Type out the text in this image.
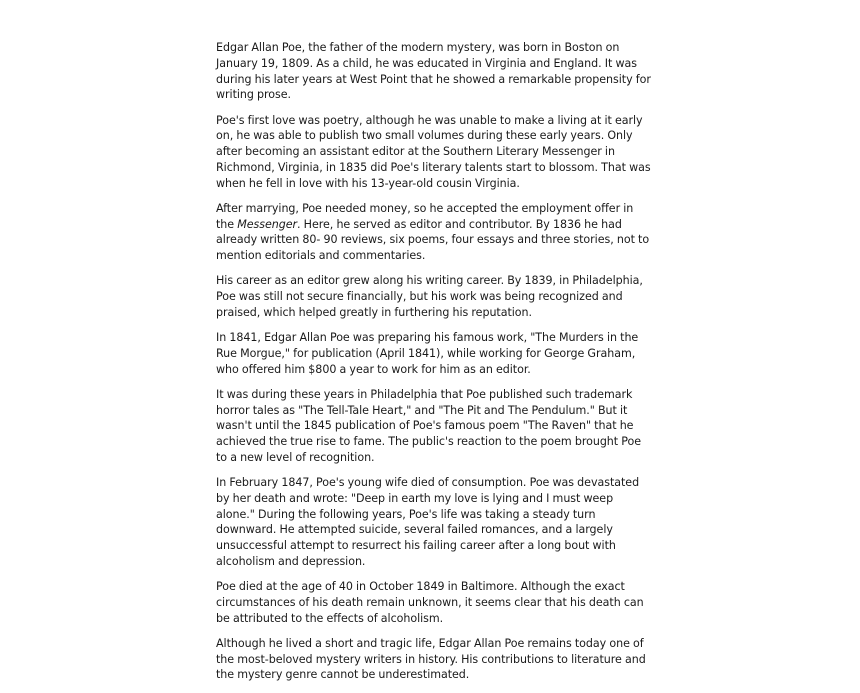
Edgar Allan Poe, the father of the modern mystery, was born in Boston on January 19, 1809. As a child, he was educated in Virginia and England. It was during his later years at West Point that he showed a remarkable propensity for writing prose.

Poe's first love was poetry, although he was unable to make a living at it early on, he was able to publish two small volumes during these early years. Only after becoming an assistant editor at the Southern Literary Messenger in Richmond, Virginia, in 1835 did Poe's literary talents start to blossom. That was when he fell in love with his 13-year-old cousin Virginia.

After marrying, Poe needed money, so he accepted the employment offer in the Messenger. Here, he served as editor and contributor. By 1836 he had already written 80- 90 reviews, six poems, four essays and three stories, not to mention editorials and commentaries.

His career as an editor grew along his writing career. By 1839, in Philadelphia, Poe was still not secure financially, but his work was being recognized and praised, which helped greatly in furthering his reputation.

In 1841, Edgar Allan Poe was preparing his famous work, "The Murders in the Rue Morgue," for publication (April 1841), while working for George Graham, who offered him $800 a year to work for him as an editor.

It was during these years in Philadelphia that Poe published such trademark horror tales as "The Tell-Tale Heart," and "The Pit and The Pendulum." But it wasn't until the 1845 publication of Poe's famous poem "The Raven" that he achieved the true rise to fame. The public's reaction to the poem brought Poe to a new level of recognition.

In February 1847, Poe's young wife died of consumption. Poe was devastated by her death and wrote: "Deep in earth my love is lying and I must weep alone." During the following years, Poe's life was taking a steady turn downward. He attempted suicide, several failed romances, and a largely unsuccessful attempt to resurrect his failing career after a long bout with alcoholism and depression.

Poe died at the age of 40 in October 1849 in Baltimore. Although the exact circumstances of his death remain unknown, it seems clear that his death can be attributed to the effects of alcoholism.

Although he lived a short and tragic life, Edgar Allan Poe remains today one of the most-beloved mystery writers in history. His contributions to literature and the mystery genre cannot be underestimated.
